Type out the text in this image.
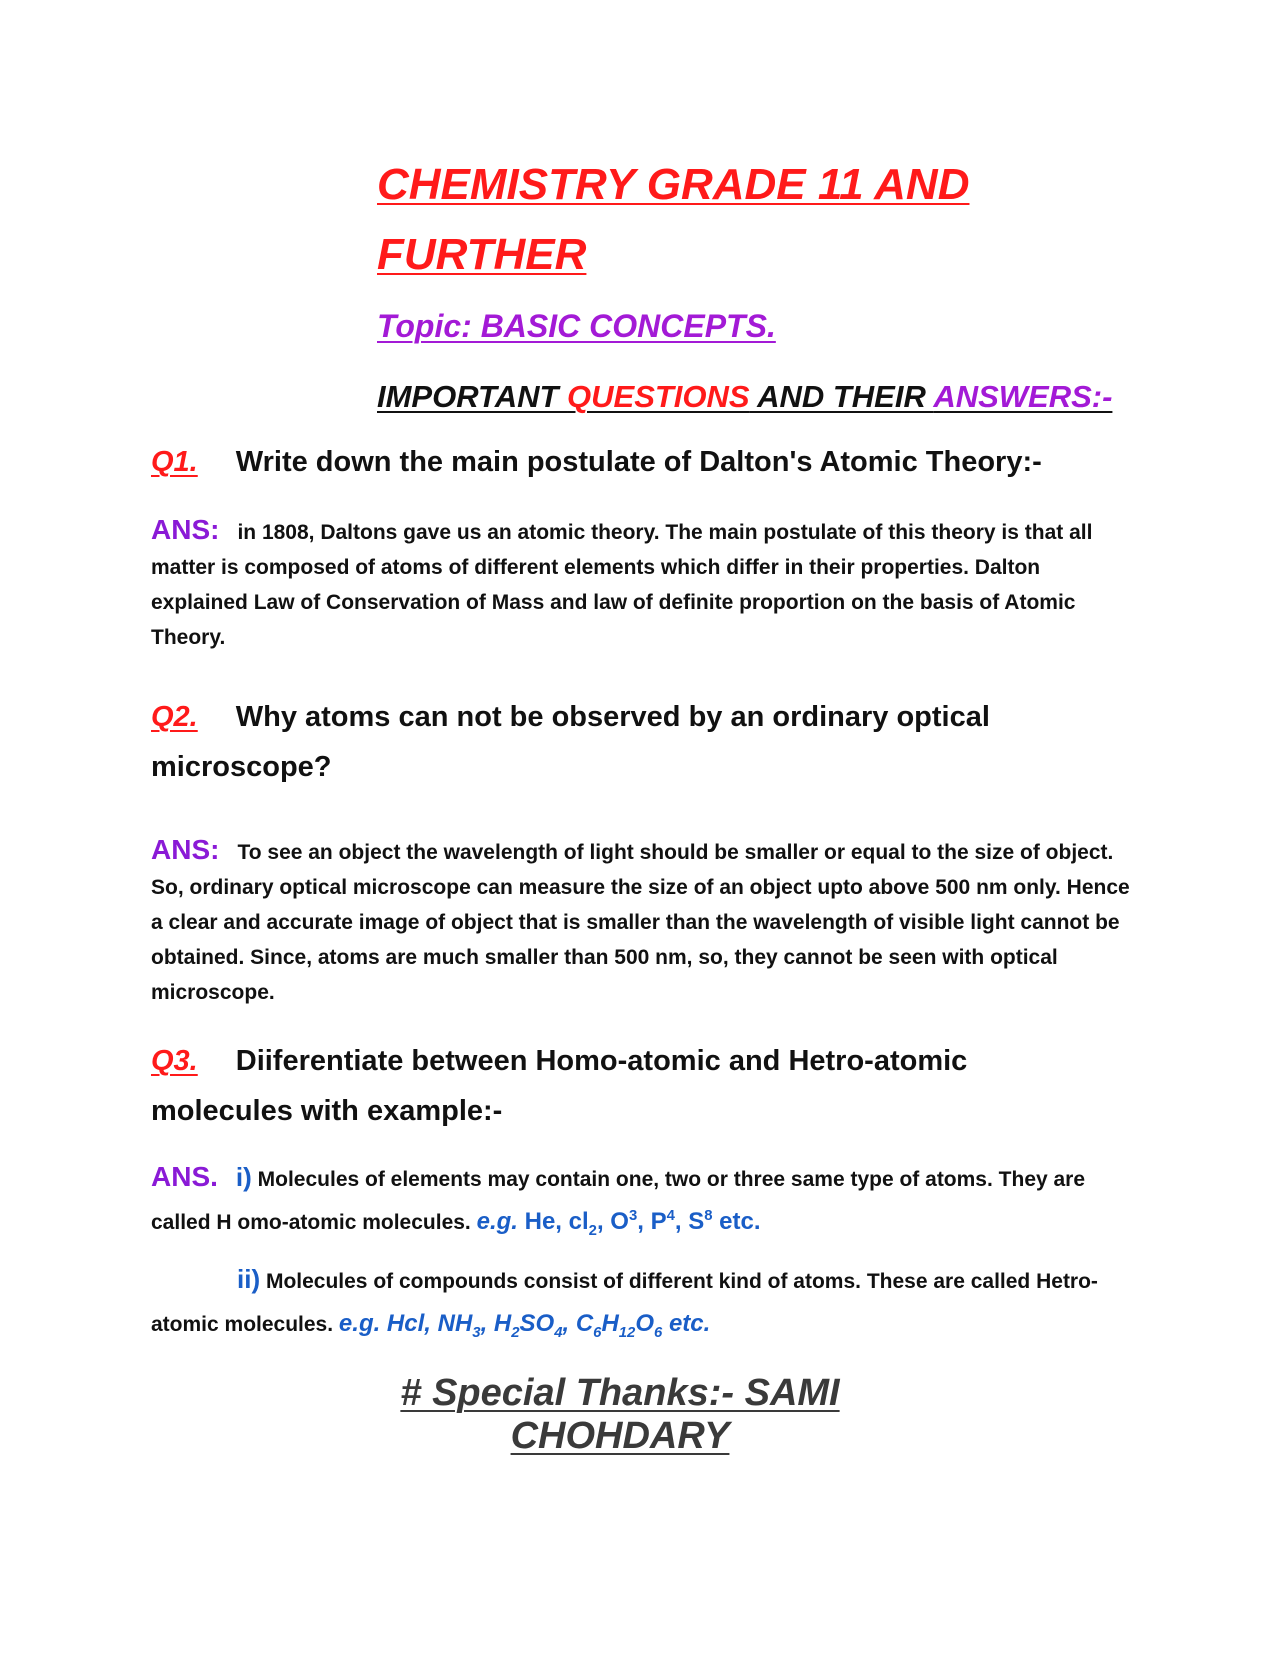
CHEMISTRY GRADE 11 AND
FURTHER
Topic: BASIC CONCEPTS.
IMPORTANT QUESTIONS AND THEIR ANSWERS:-
Q1. Write down the main postulate of Dalton's Atomic Theory:-
ANS: in 1808, Daltons gave us an atomic theory. The main postulate of this theory is that all matter is composed of atoms of different elements which differ in their properties. Dalton explained Law of Conservation of Mass and law of definite proportion on the basis of Atomic Theory.
Q2. Why atoms can not be observed by an ordinary optical microscope?
ANS: To see an object the wavelength of light should be smaller or equal to the size of object. So, ordinary optical microscope can measure the size of an object upto above 500 nm only. Hence a clear and accurate image of object that is smaller than the wavelength of visible light cannot be obtained. Since, atoms are much smaller than 500 nm, so, they cannot be seen with optical microscope.
Q3. Diiferentiate between Homo-atomic and Hetro-atomic molecules with example:-
ANS. i) Molecules of elements may contain one, two or three same type of atoms. They are called H omo-atomic molecules. e.g. He, $cl_2$, $O^3$, $P^4$, $S^8$ etc.
ii) Molecules of compounds consist of different kind of atoms. These are called Hetro-atomic molecules. e.g. Hcl, $NH_3$, $H_2SO_4$, $C_6H_{12}O_6$ etc.
# Special Thanks:- SAMI CHOHDARY
